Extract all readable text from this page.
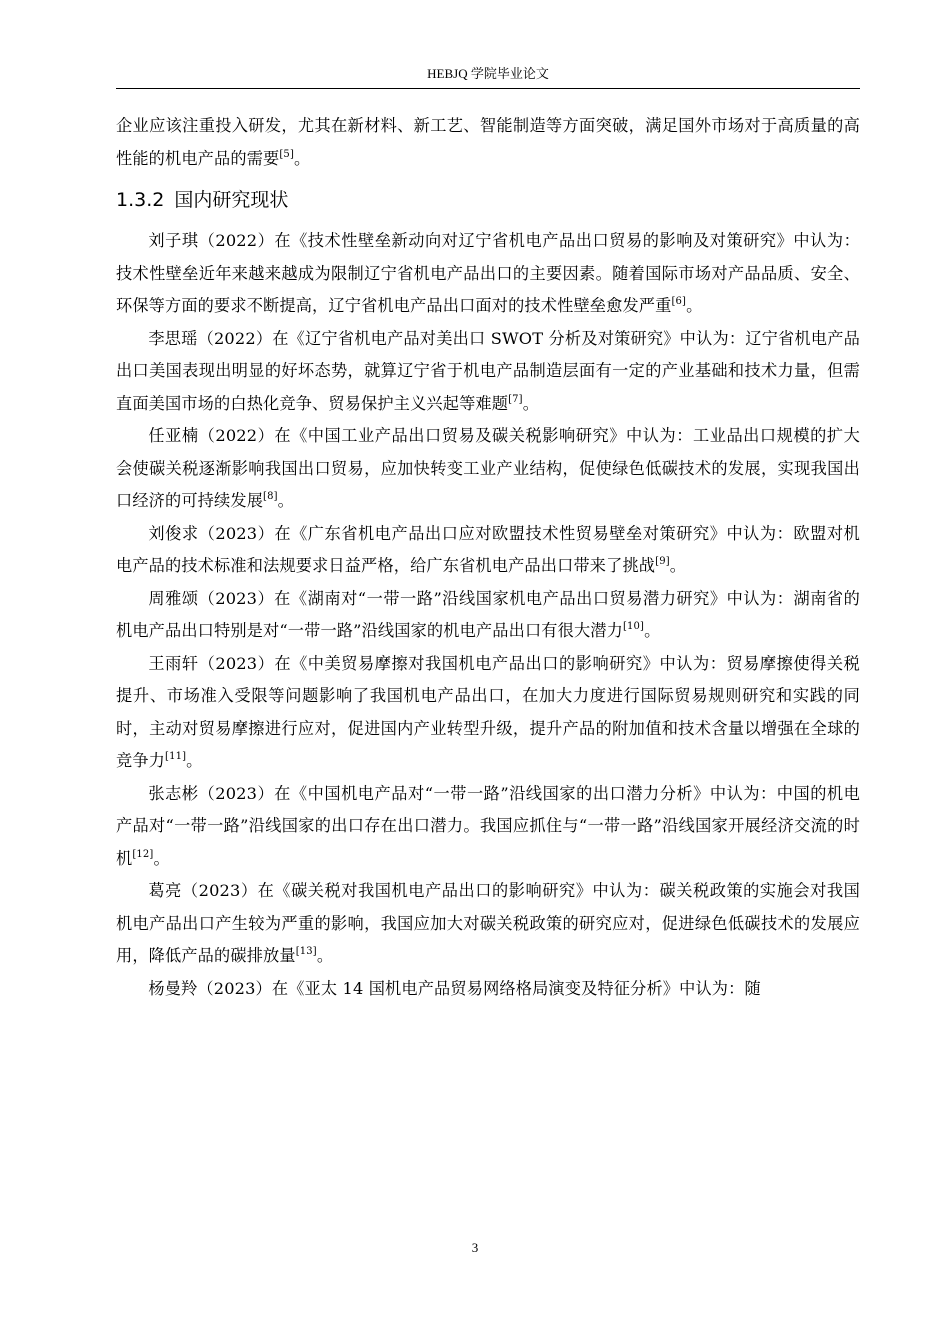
HEBJQ 学院毕业论文

企业应该注重投入研发，尤其在新材料、新工艺、智能制造等方面突破，满足国外市场对于高质量的高性能的机电产品的需要[5]。

1.3.2 国内研究现状

刘子琪（2022）在《技术性壁垒新动向对辽宁省机电产品出口贸易的影响及对策研究》中认为：技术性壁垒近年来越来越成为限制辽宁省机电产品出口的主要因素。随着国际市场对产品品质、安全、环保等方面的要求不断提高，辽宁省机电产品出口面对的技术性壁垒愈发严重[6]。

李思瑶（2022）在《辽宁省机电产品对美出口 SWOT 分析及对策研究》中认为：辽宁省机电产品出口美国表现出明显的好坏态势，就算辽宁省于机电产品制造层面有一定的产业基础和技术力量，但需直面美国市场的白热化竞争、贸易保护主义兴起等难题[7]。

任亚楠（2022）在《中国工业产品出口贸易及碳关税影响研究》中认为：工业品出口规模的扩大会使碳关税逐渐影响我国出口贸易，应加快转变工业产业结构，促使绿色低碳技术的发展，实现我国出口经济的可持续发展[8]。

刘俊求（2023）在《广东省机电产品出口应对欧盟技术性贸易壁垒对策研究》中认为：欧盟对机电产品的技术标准和法规要求日益严格，给广东省机电产品出口带来了挑战[9]。

周雅颂（2023）在《湖南对“一带一路”沿线国家机电产品出口贸易潜力研究》中认为：湖南省的机电产品出口特别是对“一带一路”沿线国家的机电产品出口有很大潜力[10]。

王雨轩（2023）在《中美贸易摩擦对我国机电产品出口的影响研究》中认为：贸易摩擦使得关税提升、市场准入受限等问题影响了我国机电产品出口，在加大力度进行国际贸易规则研究和实践的同时，主动对贸易摩擦进行应对，促进国内产业转型升级，提升产品的附加值和技术含量以增强在全球的竞争力[11]。

张志彬（2023）在《中国机电产品对“一带一路”沿线国家的出口潜力分析》中认为：中国的机电产品对“一带一路”沿线国家的出口存在出口潜力。我国应抓住与“一带一路”沿线国家开展经济交流的时机[12]。

葛亮（2023）在《碳关税对我国机电产品出口的影响研究》中认为：碳关税政策的实施会对我国机电产品出口产生较为严重的影响，我国应加大对碳关税政策的研究应对，促进绿色低碳技术的发展应用，降低产品的碳排放量[13]。

杨曼羚（2023）在《亚太 14 国机电产品贸易网络格局演变及特征分析》中认为：随

3
